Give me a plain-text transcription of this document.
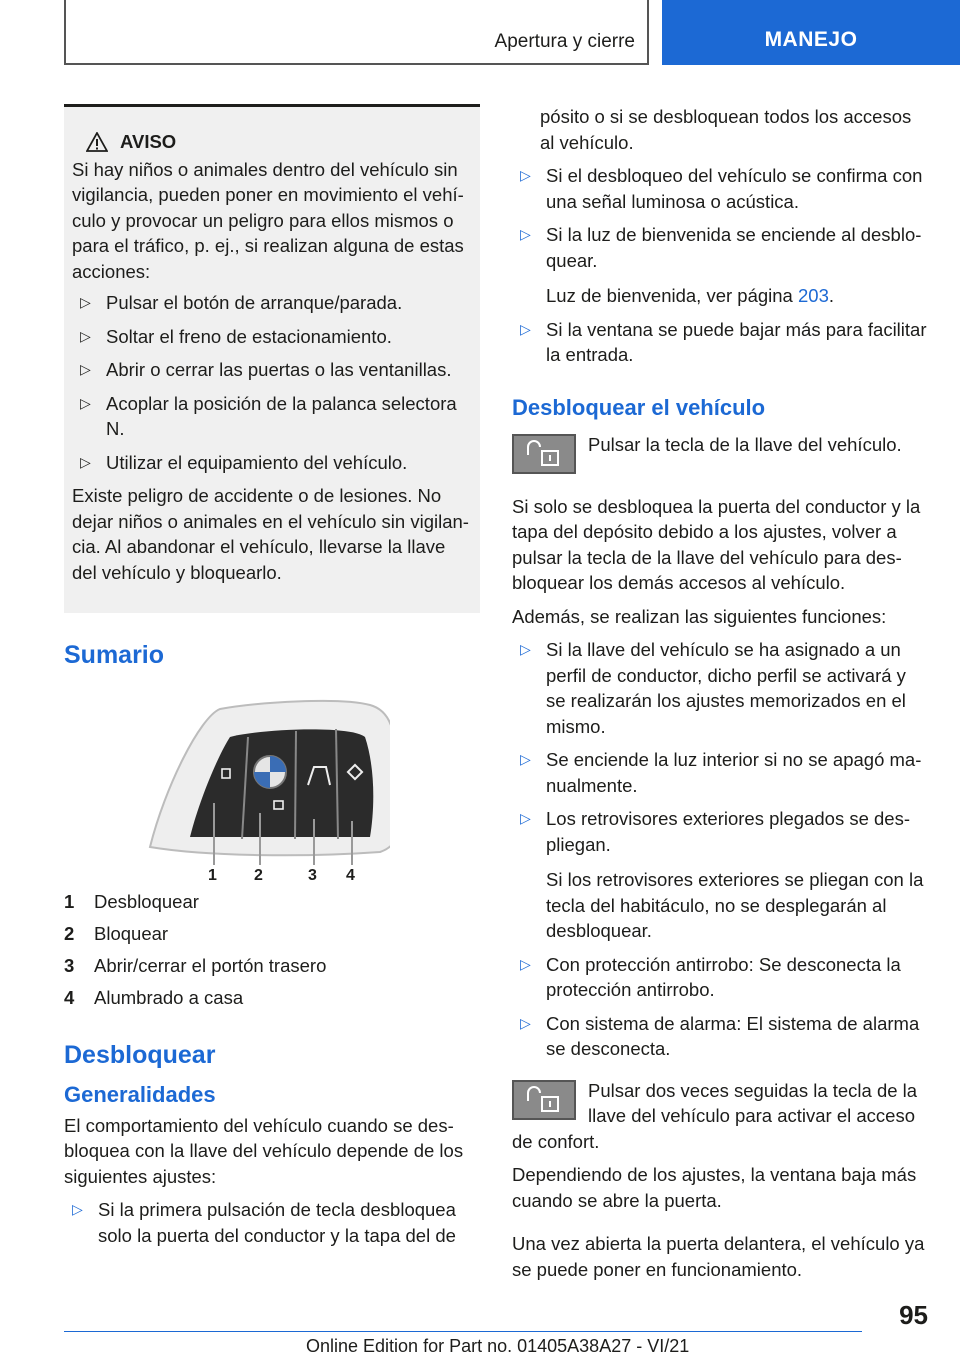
Apertura y cierre	MANEJO
AVISO

Si hay niños o animales dentro del vehículo sin vigilancia, pueden poner en movimiento el vehículo y provocar un peligro para ellos mismos o para el tráfico, p. ej., si realizan alguna de estas acciones:

▷ Pulsar el botón de arranque/parada.
▷ Soltar el freno de estacionamiento.
▷ Abrir o cerrar las puertas o las ventanillas.
▷ Acoplar la posición de la palanca selectora N.
▷ Utilizar el equipamiento del vehículo.

Existe peligro de accidente o de lesiones. No dejar niños o animales en el vehículo sin vigilancia. Al abandonar el vehículo, llevarse la llave del vehículo y bloquearlo.

Sumario
1 2	3 4
1	Desbloquear
2	Bloquear
3	Abrir/cerrar el portón trasero
4	Alumbrado a casa
Desbloquear
Generalidades

El comportamiento del vehículo cuando se desbloquea con la llave del vehículo depende de los siguientes ajustes:

▷ Si la primera pulsación de tecla desbloquea solo la puerta del conductor y la tapa del de

pósito o si se desbloquean todos los accesos al vehículo.

▷ Si el desbloqueo del vehículo se confirma con una señal luminosa o acústica.
▷ Si la luz de bienvenida se enciende al desbloquear.
Luz de bienvenida, ver página 203.
▷ Si la ventana se puede bajar más para facilitar la entrada.
Desbloquear el vehículo
Pulsar la tecla de la llave del vehículo.

Si solo se desbloquea la puerta del conductor y la tapa del depósito debido a los ajustes, volver a pulsar la tecla de la llave del vehículo para desbloquear los demás accesos al vehículo.

Además, se realizan las siguientes funciones:

▷ Si la llave del vehículo se ha asignado a un perfil de conductor, dicho perfil se activará y se realizarán los ajustes memorizados en el mismo.
▷ Se enciende la luz interior si no se apagó manualmente.
▷ Los retrovisores exteriores plegados se despliegan.
Si los retrovisores exteriores se pliegan con la tecla del habitáculo, no se desplegarán al desbloquear.
▷ Con protección antirrobo: Se desconecta la protección antirrobo.
▷ Con sistema de alarma: El sistema de alarma se desconecta.
Pulsar dos veces seguidas la tecla de la llave del vehículo para activar el acceso

de confort.

Dependiendo de los ajustes, la ventana baja más cuando se abre la puerta.

Una vez abierta la puerta delantera, el vehículo ya se puede poner en funcionamiento.

95
Online Edition for Part no. 01405A38A27 - VI/21
